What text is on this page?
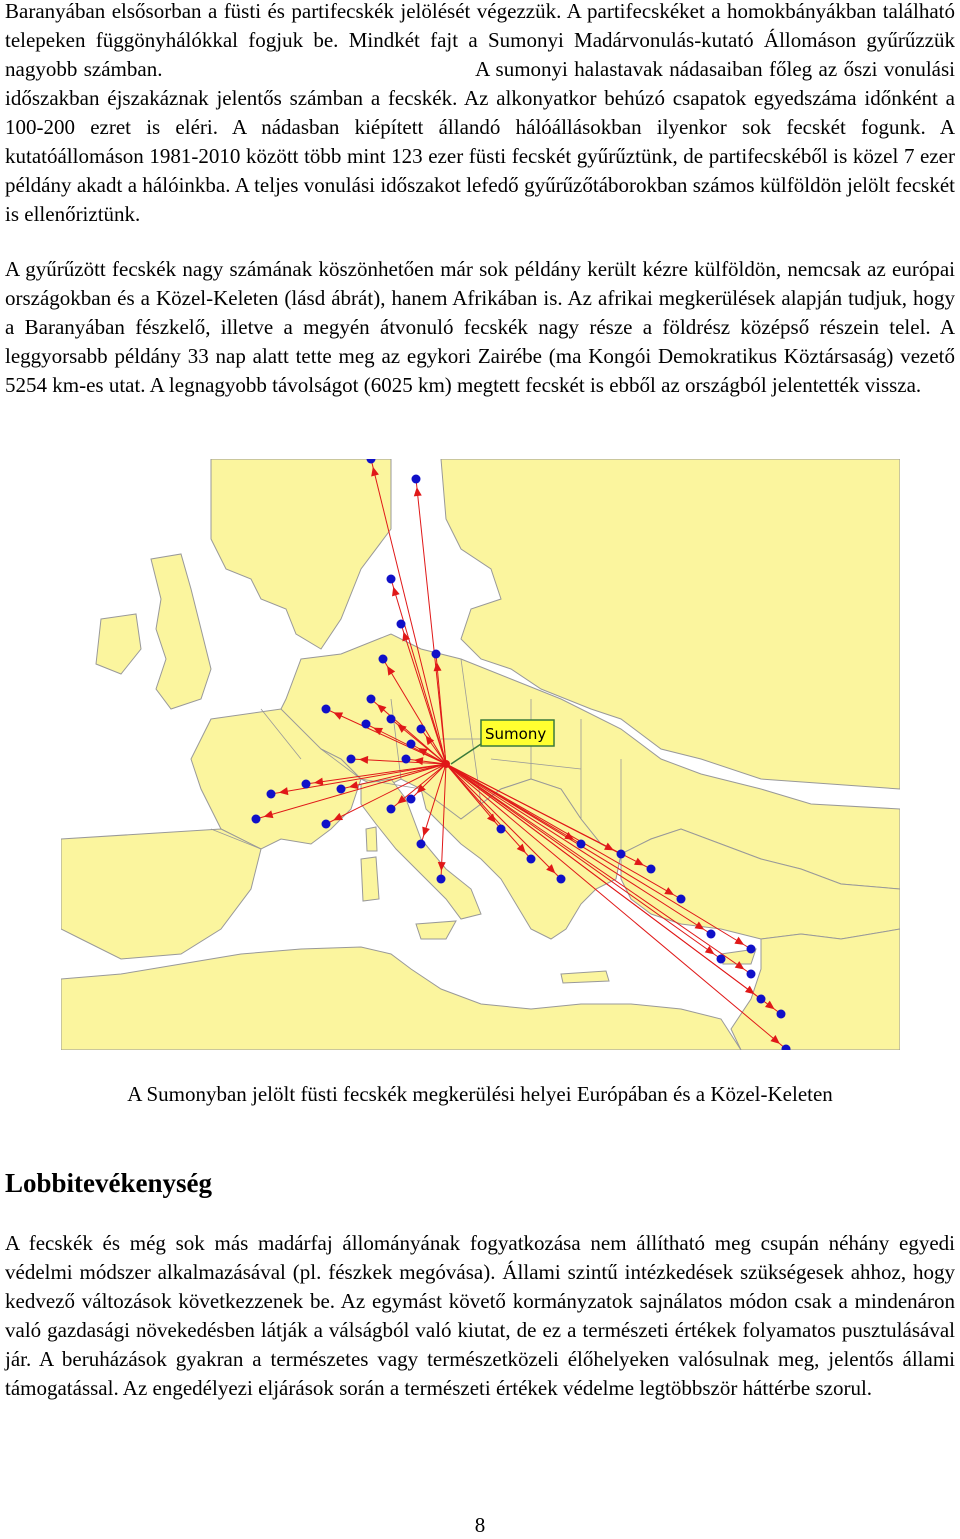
Baranyában elsősorban a füsti és partifecskék jelölését végezzük. A partifecskéket a homokbányákban található telepeken függönyhálókkal fogjuk be. Mindkét fajt a Sumonyi Madárvonulás-kutató Állomáson gyűrűzzük nagyobb számban.                                                 A sumonyi halastavak nádasaiban főleg az őszi vonulási időszakban éjszakáznak jelentős számban a fecskék. Az alkonyatkor behúzó csapatok egyedszáma időnként a 100-200 ezret is eléri. A nádasban kiépített állandó hálóállásokban ilyenkor sok fecskét fogunk. A kutatóállomáson 1981-2010 között több mint 123 ezer füsti fecskét gyűrűztünk, de partifecskéből is közel 7 ezer példány akadt a hálóinkba. A teljes vonulási időszakot lefedő gyűrűzőtáborokban számos külföldön jelölt fecskét is ellenőriztünk.

A gyűrűzött fecskék nagy számának köszönhetően már sok példány került kézre külföldön, nemcsak az európai országokban és a Közel-Keleten (lásd ábrát), hanem Afrikában is. Az afrikai megkerülések alapján tudjuk, hogy a Baranyában fészkelő, illetve a megyén átvonuló fecskék nagy része a földrész középső részein telel. A leggyorsabb példány 33 nap alatt tette meg az egykori Zairébe (ma Kongói Demokratikus Köztársaság) vezető 5254 km-es utat. A legnagyobb távolságot (6025 km) megtett fecskét is ebből az országból jelentették vissza.

Sumony
A Sumonyban jelölt füsti fecskék megkerülési helyei Európában és a Közel-Keleten
Lobbitevékenység

A fecskék és még sok más madárfaj állományának fogyatkozása nem állítható meg csupán néhány egyedi védelmi módszer alkalmazásával (pl. fészkek megóvása). Állami szintű intézkedések szükségesek ahhoz, hogy kedvező változások következzenek be. Az egymást követő kormányzatok sajnálatos módon csak a mindenáron való gazdasági növekedésben látják a válságból való kiutat, de ez a természeti értékek folyamatos pusztulásával jár. A beruházások gyakran a természetes vagy természetközeli élőhelyeken valósulnak meg, jelentős állami támogatással. Az engedélyezi eljárások során a természeti értékek védelme legtöbbször háttérbe szorul.

8
